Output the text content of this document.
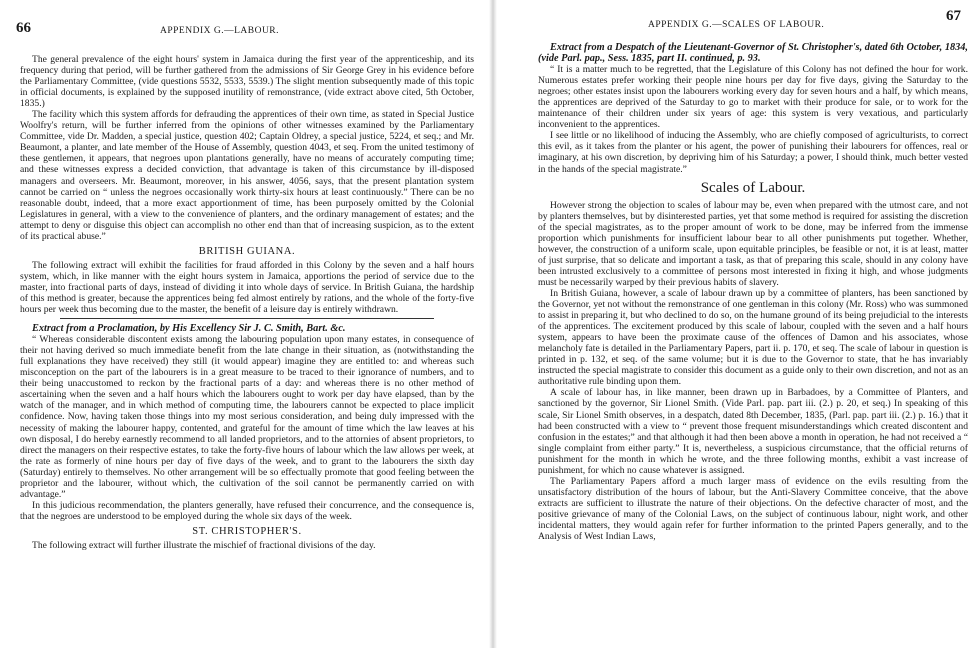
66	APPENDIX G.—LABOUR.

The general prevalence of the eight hours' system in Jamaica during the first year of the apprenticeship, and its frequency during that period, will be further gathered from the admissions of Sir George Grey in his evidence before the Parliamentary Committee, (vide questions 5532, 5533, 5539.) The slight mention subsequently made of this topic in official documents, is explained by the supposed inutility of remonstrance, (vide extract above cited, 5th October, 1835.)

The facility which this system affords for defrauding the apprentices of their own time, as stated in Special Justice Woolfry's return, will be further inferred from the opinions of other witnesses examined by the Parliamentary Committee, vide Dr. Madden, a special justice, question 402; Captain Oldrey, a special justice, 5224, et seq.; and Mr. Beaumont, a planter, and late member of the House of Assembly, question 4043, et seq. From the united testimony of these gentlemen, it appears, that negroes upon plantations generally, have no means of accurately computing time; and these witnesses express a decided conviction, that advantage is taken of this circumstance by ill-disposed managers and overseers. Mr. Beaumont, moreover, in his answer, 4056, says, that the present plantation system cannot be carried on “ unless the negroes occasionally work thirty-six hours at least continuously.” There can be no reasonable doubt, indeed, that a more exact apportionment of time, has been purposely omitted by the Colonial Legislatures in general, with a view to the convenience of planters, and the ordinary management of estates; and the attempt to deny or disguise this object can accomplish no other end than that of increasing suspicion, as to the extent of its practical abuse.”

BRITISH GUIANA.

The following extract will exhibit the facilities for fraud afforded in this Colony by the seven and a half hours system, which, in like manner with the eight hours system in Jamaica, apportions the period of service due to the master, into fractional parts of days, instead of dividing it into whole days of service. In British Guiana, the hardship of this method is greater, because the apprentices being fed almost entirely by rations, and the whole of the forty-five hours per week thus becoming due to the master, the benefit of a leisure day is entirely withdrawn.

Extract from a Proclamation, by His Excellency Sir J. C. Smith, Bart. &c.

“ Whereas considerable discontent exists among the labouring population upon many estates, in consequence of their not having derived so much immediate benefit from the late change in their situation, as (notwithstanding the full explanations they have received) they still (it would appear) imagine they are entitled to: and whereas such misconception on the part of the labourers is in a great measure to be traced to their ignorance of numbers, and to their being unaccustomed to reckon by the fractional parts of a day: and whereas there is no other method of ascertaining when the seven and a half hours which the labourers ought to work per day have elapsed, than by the watch of the manager, and in which method of computing time, the labourers cannot be expected to place implicit confidence. Now, having taken those things into my most serious consideration, and being duly impressed with the necessity of making the labourer happy, contented, and grateful for the amount of time which the law leaves at his own disposal, I do hereby earnestly recommend to all landed proprietors, and to the attornies of absent proprietors, to direct the managers on their respective estates, to take the forty-five hours of labour which the law allows per week, at the rate as formerly of nine hours per day of five days of the week, and to grant to the labourers the sixth day (Saturday) entirely to themselves. No other arrangement will be so effectually promote that good feeling between the proprietor and the labourer, without which, the cultivation of the soil cannot be permanently carried on with advantage.”

In this judicious recommendation, the planters generally, have refused their concurrence, and the consequence is, that the negroes are understood to be employed during the whole six days of the week.

ST. CHRISTOPHER'S.

The following extract will further illustrate the mischief of fractional divisions of the day.

APPENDIX G.—SCALES OF LABOUR.
67

Extract from a Despatch of the Lieutenant-Governor of St. Christopher's, dated 6th October, 1834, (vide Parl. pap., Sess. 1835, part II. continued, p. 93.

“ It is a matter much to be regretted, that the Legislature of this Colony has not defined the hour for work. Numerous estates prefer working their people nine hours per day for five days, giving the Saturday to the negroes; other estates insist upon the labourers working every day for seven hours and a half, by which means, the apprentices are deprived of the Saturday to go to market with their produce for sale, or to work for the maintenance of their children under six years of age: this system is very vexatious, and particularly inconvenient to the apprentices.

I see little or no likelihood of inducing the Assembly, who are chiefly composed of agriculturists, to correct this evil, as it takes from the planter or his agent, the power of punishing their labourers for offences, real or imaginary, at his own discretion, by depriving him of his Saturday; a power, I should think, much better vested in the hands of the special magistrate.”

Scales of Labour.

However strong the objection to scales of labour may be, even when prepared with the utmost care, and not by planters themselves, but by disinterested parties, yet that some method is required for assisting the discretion of the special magistrates, as to the proper amount of work to be done, may be inferred from the immense proportion which punishments for insufficient labour bear to all other punishments put together. Whether, however, the construction of a uniform scale, upon equitable principles, be feasible or not, it is at least, matter of just surprise, that so delicate and important a task, as that of preparing this scale, should in any colony have been intrusted exclusively to a committee of persons most interested in fixing it high, and whose judgments must be necessarily warped by their previous habits of slavery.

In British Guiana, however, a scale of labour drawn up by a committee of planters, has been sanctioned by the Governor, yet not without the remonstrance of one gentleman in this colony (Mr. Ross) who was summoned to assist in preparing it, but who declined to do so, on the humane ground of its being prejudicial to the interests of the apprentices. The excitement produced by this scale of labour, coupled with the seven and a half hours system, appears to have been the proximate cause of the offences of Damon and his associates, whose melancholy fate is detailed in the Parliamentary Papers, part ii. p. 170, et seq. The scale of labour in question is printed in p. 132, et seq. of the same volume; but it is due to the Governor to state, that he has invariably instructed the special magistrate to consider this document as a guide only to their own discretion, and not as an authoritative rule binding upon them.

A scale of labour has, in like manner, been drawn up in Barbadoes, by a Committee of Planters, and sanctioned by the governor, Sir Lionel Smith. (Vide Parl. pap. part iii. (2.) p. 20, et seq.) In speaking of this scale, Sir Lionel Smith observes, in a despatch, dated 8th December, 1835, (Parl. pap. part iii. (2.) p. 16.) that it had been constructed with a view to “ prevent those frequent misunderstandings which created discontent and confusion in the estates;” and that although it had then been above a month in operation, he had not received a “ single complaint from either party.” It is, nevertheless, a suspicious circumstance, that the official returns of punishment for the month in which he wrote, and the three following months, exhibit a vast increase of punishment, for which no cause whatever is assigned.

The Parliamentary Papers afford a much larger mass of evidence on the evils resulting from the unsatisfactory distribution of the hours of labour, but the Anti-Slavery Committee conceive, that the above extracts are sufficient to illustrate the nature of their objections. On the defective character of most, and the positive grievance of many of the Colonial Laws, on the subject of continuous labour, night work, and other incidental matters, they would again refer for further information to the printed Papers generally, and to the Analysis of West Indian Laws,
